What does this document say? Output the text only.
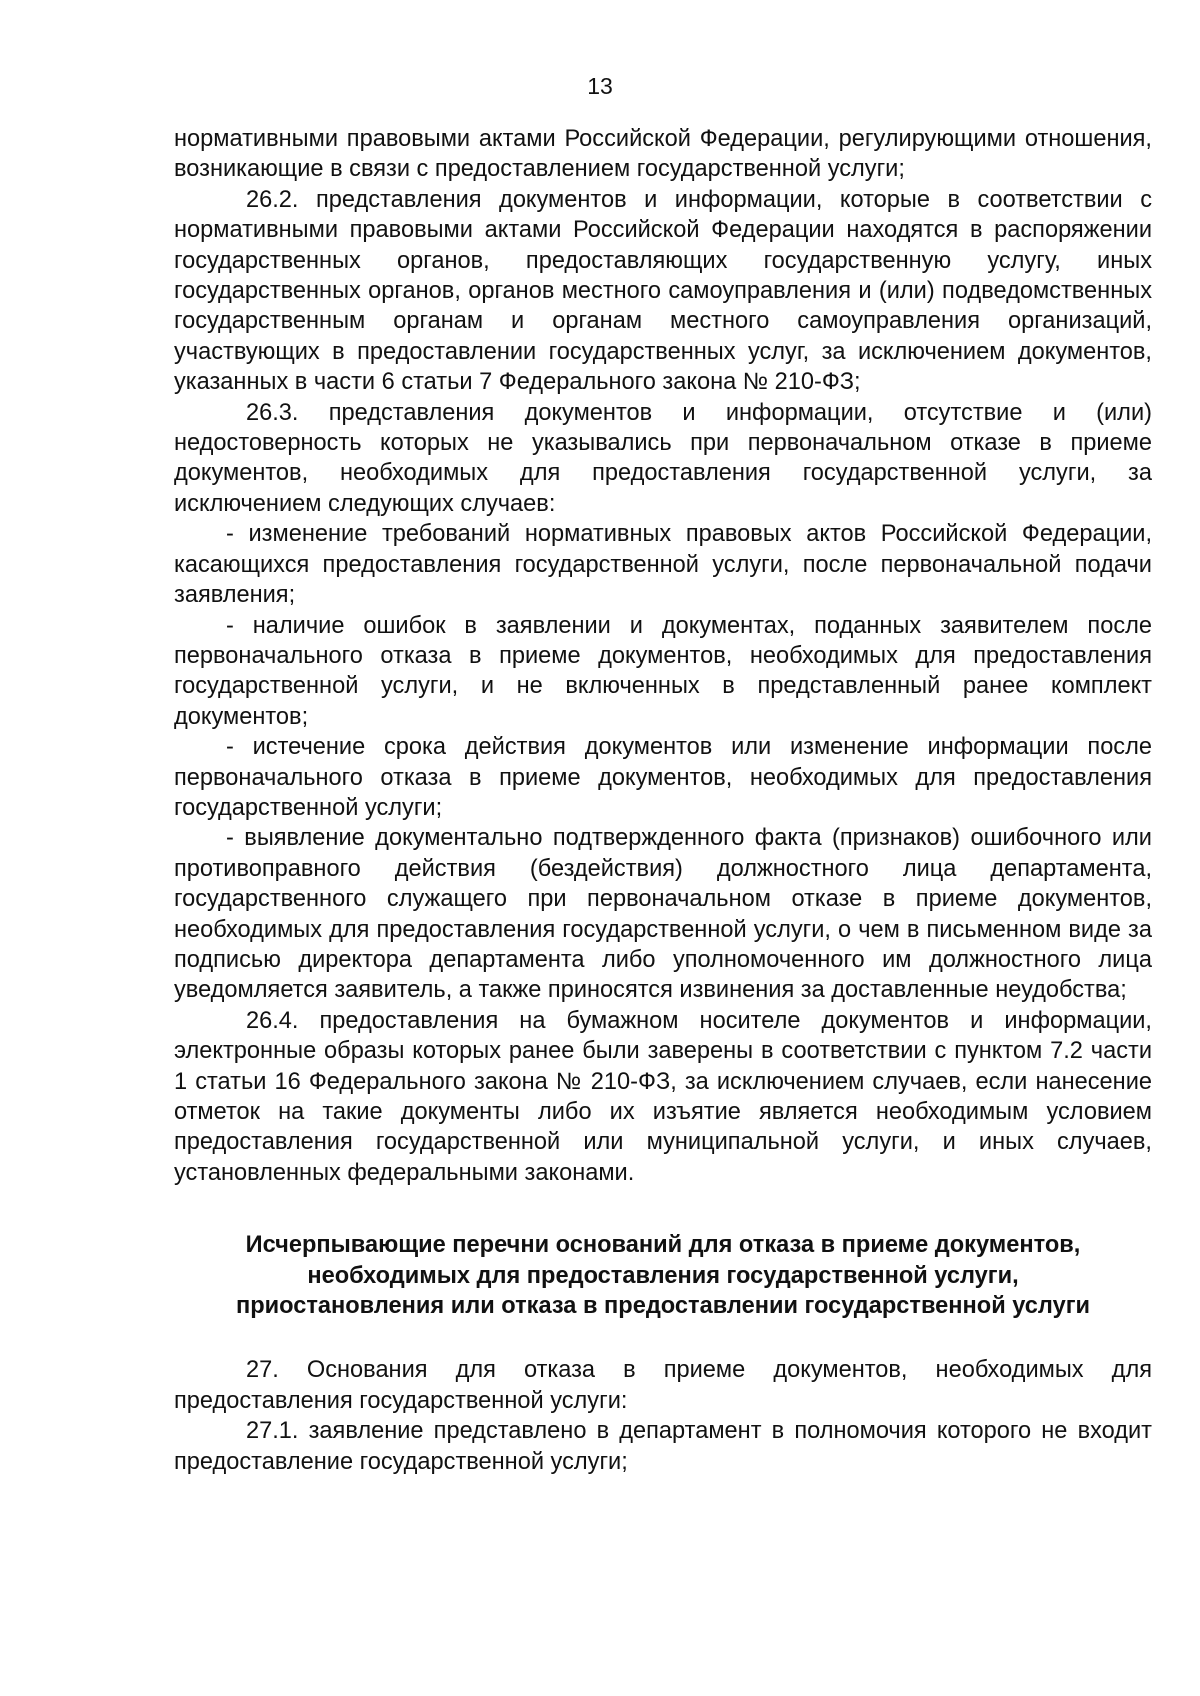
13

нормативными правовыми актами Российской Федерации, регулирующими отношения, возникающие в связи с предоставлением государственной услуги;

26.2. представления документов и информации, которые в соответствии с нормативными правовыми актами Российской Федерации находятся в распоряжении государственных органов, предоставляющих государственную услугу, иных государственных органов, органов местного самоуправления и (или) подведомственных государственным органам и органам местного самоуправления организаций, участвующих в предоставлении государственных услуг, за исключением документов, указанных в части 6 статьи 7 Федерального закона № 210-ФЗ;

26.3. представления документов и информации, отсутствие и (или) недостоверность которых не указывались при первоначальном отказе в приеме документов, необходимых для предоставления государственной услуги, за исключением следующих случаев:

- изменение требований нормативных правовых актов Российской Федерации, касающихся предоставления государственной услуги, после первоначальной подачи заявления;

- наличие ошибок в заявлении и документах, поданных заявителем после первоначального отказа в приеме документов, необходимых для предоставления государственной услуги, и не включенных в представленный ранее комплект документов;

- истечение срока действия документов или изменение информации после первоначального отказа в приеме документов, необходимых для предоставления государственной услуги;

- выявление документально подтвержденного факта (признаков) ошибочного или противоправного действия (бездействия) должностного лица департамента, государственного служащего при первоначальном отказе в приеме документов, необходимых для предоставления государственной услуги, о чем в письменном виде за подписью директора департамента либо уполномоченного им должностного лица уведомляется заявитель, а также приносятся извинения за доставленные неудобства;

26.4. предоставления на бумажном носителе документов и информации, электронные образы которых ранее были заверены в соответствии с пунктом 7.2 части 1 статьи 16 Федерального закона № 210-ФЗ, за исключением случаев, если нанесение отметок на такие документы либо их изъятие является необходимым условием предоставления государственной или муниципальной услуги, и иных случаев, установленных федеральными законами.

Исчерпывающие перечни оснований для отказа в приеме документов,
необходимых для предоставления государственной услуги,
приостановления или отказа в предоставлении государственной услуги

27. Основания для отказа в приеме документов, необходимых для предоставления государственной услуги:

27.1. заявление представлено в департамент в полномочия которого не входит предоставление государственной услуги;
